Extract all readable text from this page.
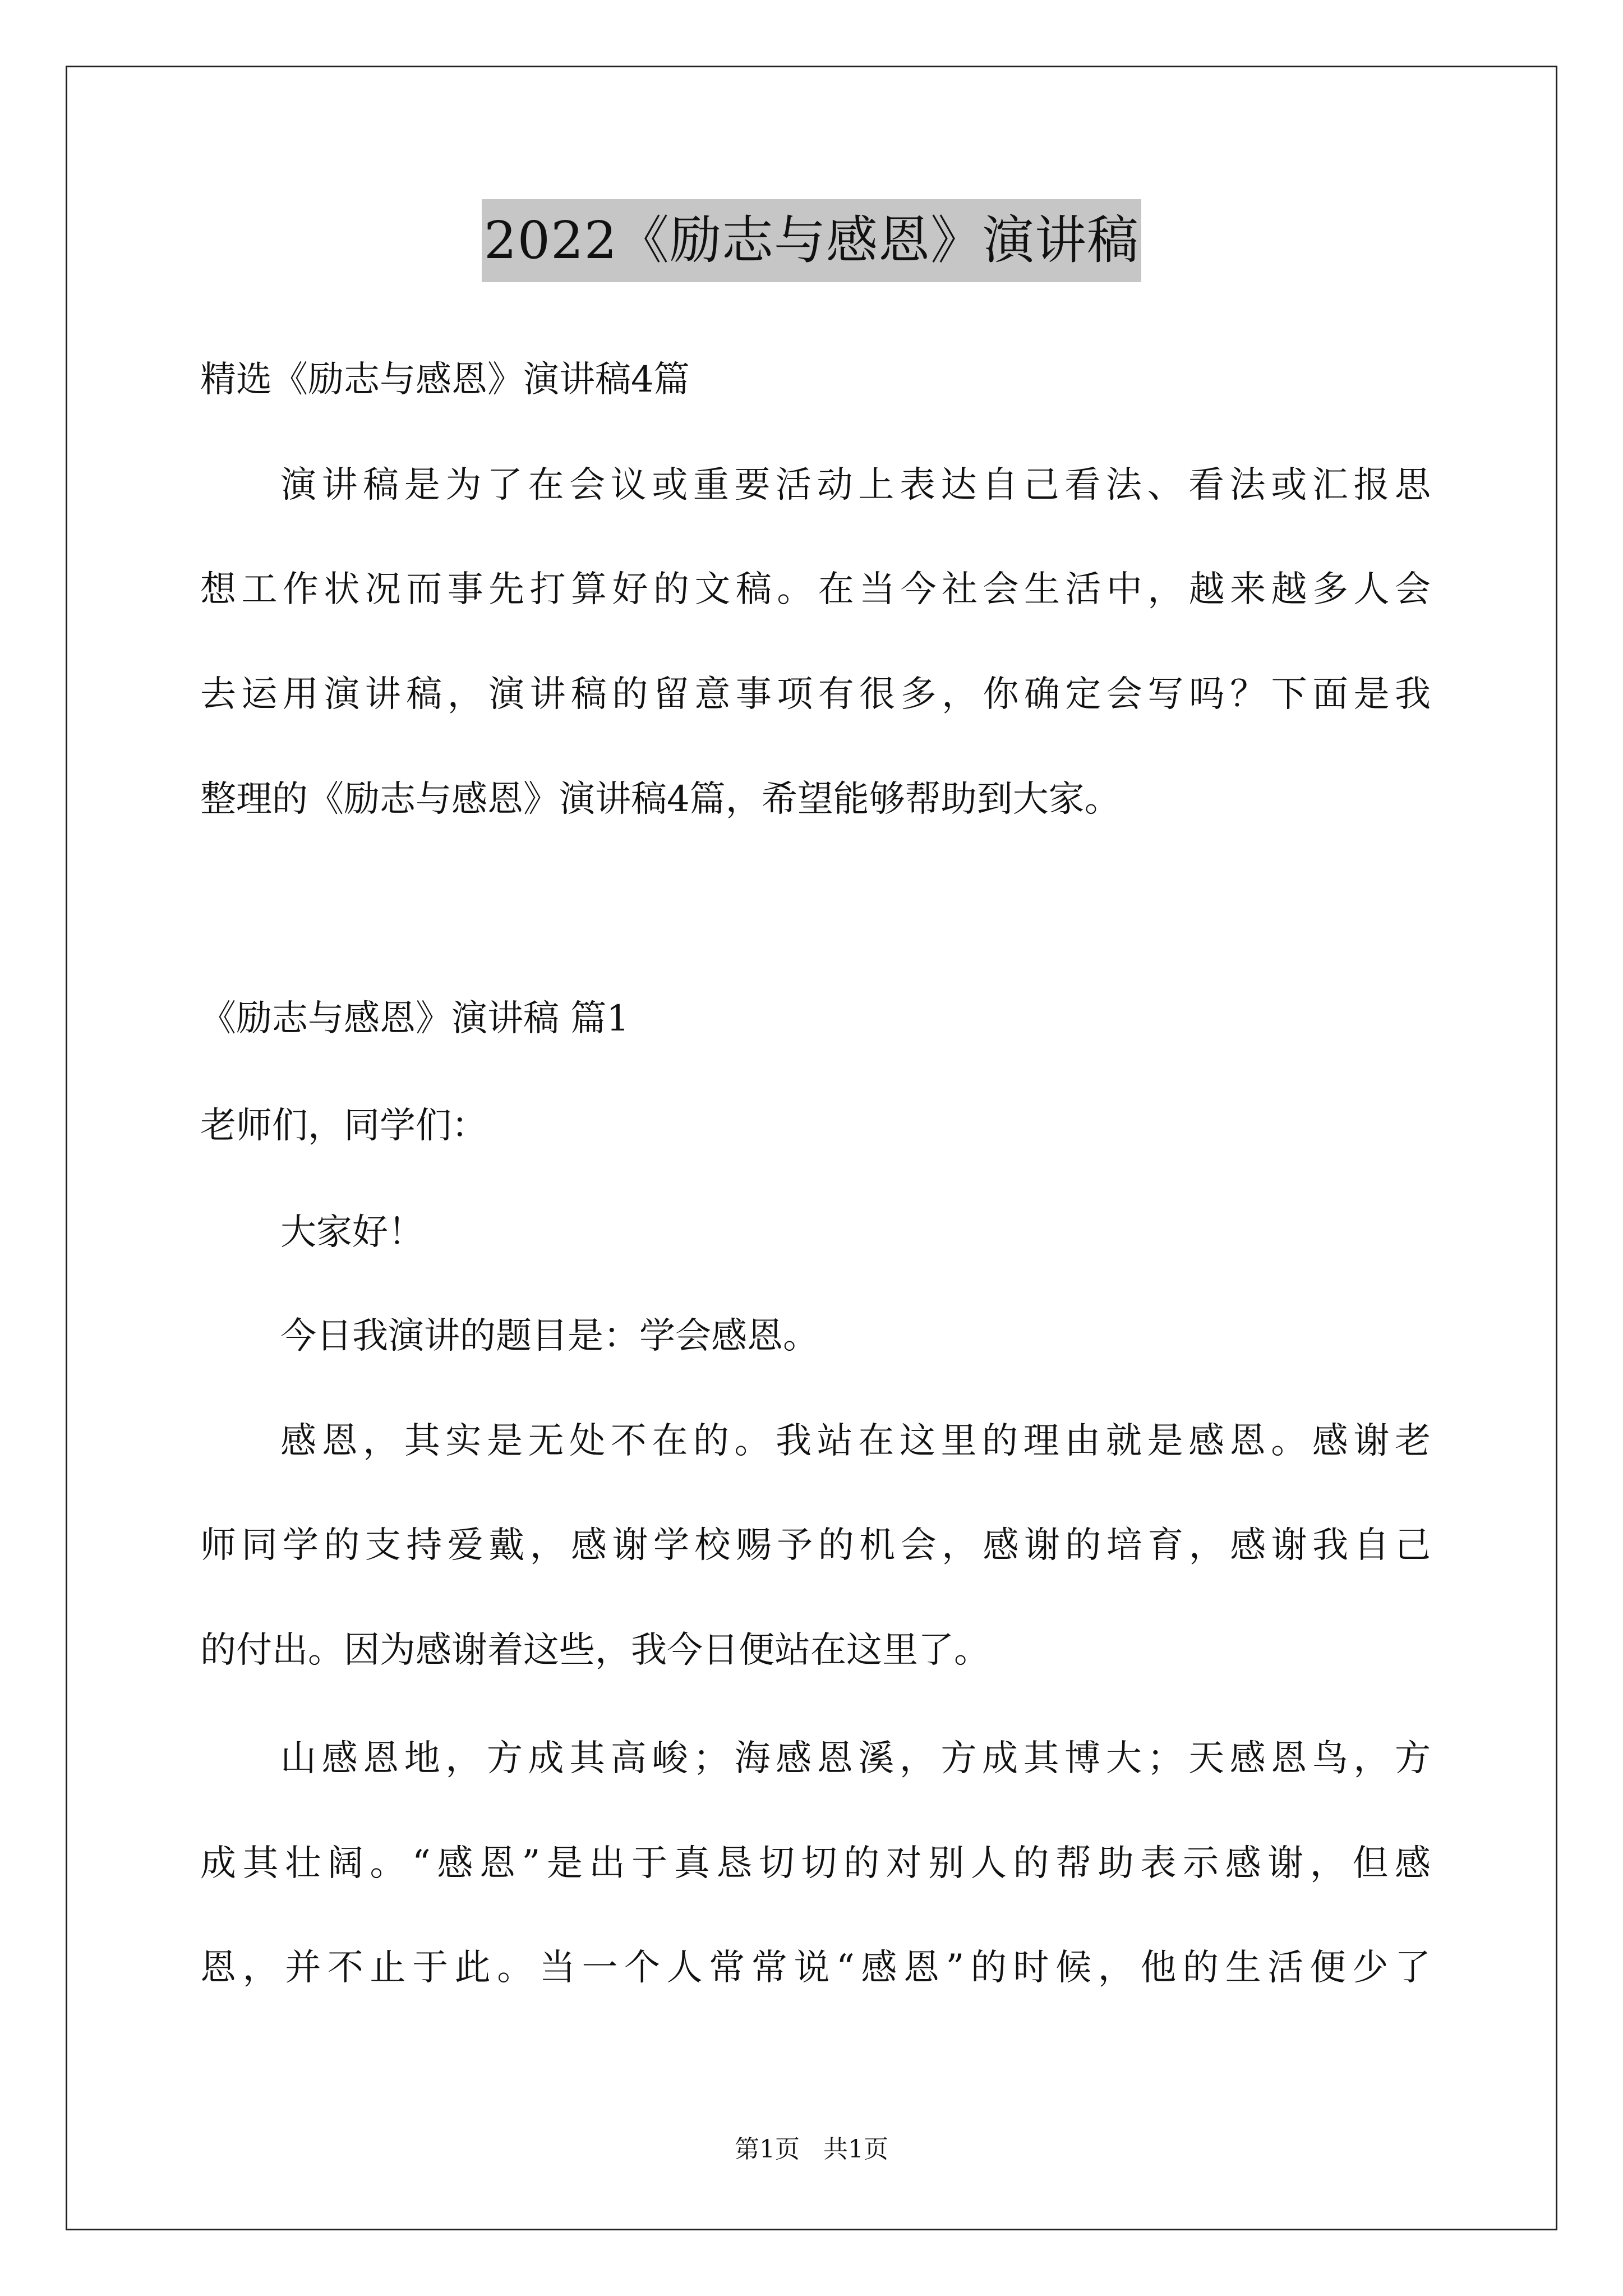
2022《励志与感恩》演讲稿
精选《励志与感恩》演讲稿4篇
演讲稿是为了在会议或重要活动上表达自己看法、看法或汇报思
想工作状况而事先打算好的文稿。在当今社会生活中，越来越多人会
去运用演讲稿，演讲稿的留意事项有很多，你确定会写吗？下面是我
整理的《励志与感恩》演讲稿4篇，希望能够帮助到大家。
《励志与感恩》演讲稿 篇1
老师们，同学们：
大家好！
今日我演讲的题目是：学会感恩。
感恩，其实是无处不在的。我站在这里的理由就是感恩。感谢老
师同学的支持爱戴，感谢学校赐予的机会，感谢的培育，感谢我自己
的付出。因为感谢着这些，我今日便站在这里了。
山感恩地，方成其高峻；海感恩溪，方成其博大；天感恩鸟，方
成其壮阔。“感恩”是出于真恳切切的对别人的帮助表示感谢，但感
恩，并不止于此。当一个人常常说“感恩”的时候，他的生活便少了
第1页   共1页
